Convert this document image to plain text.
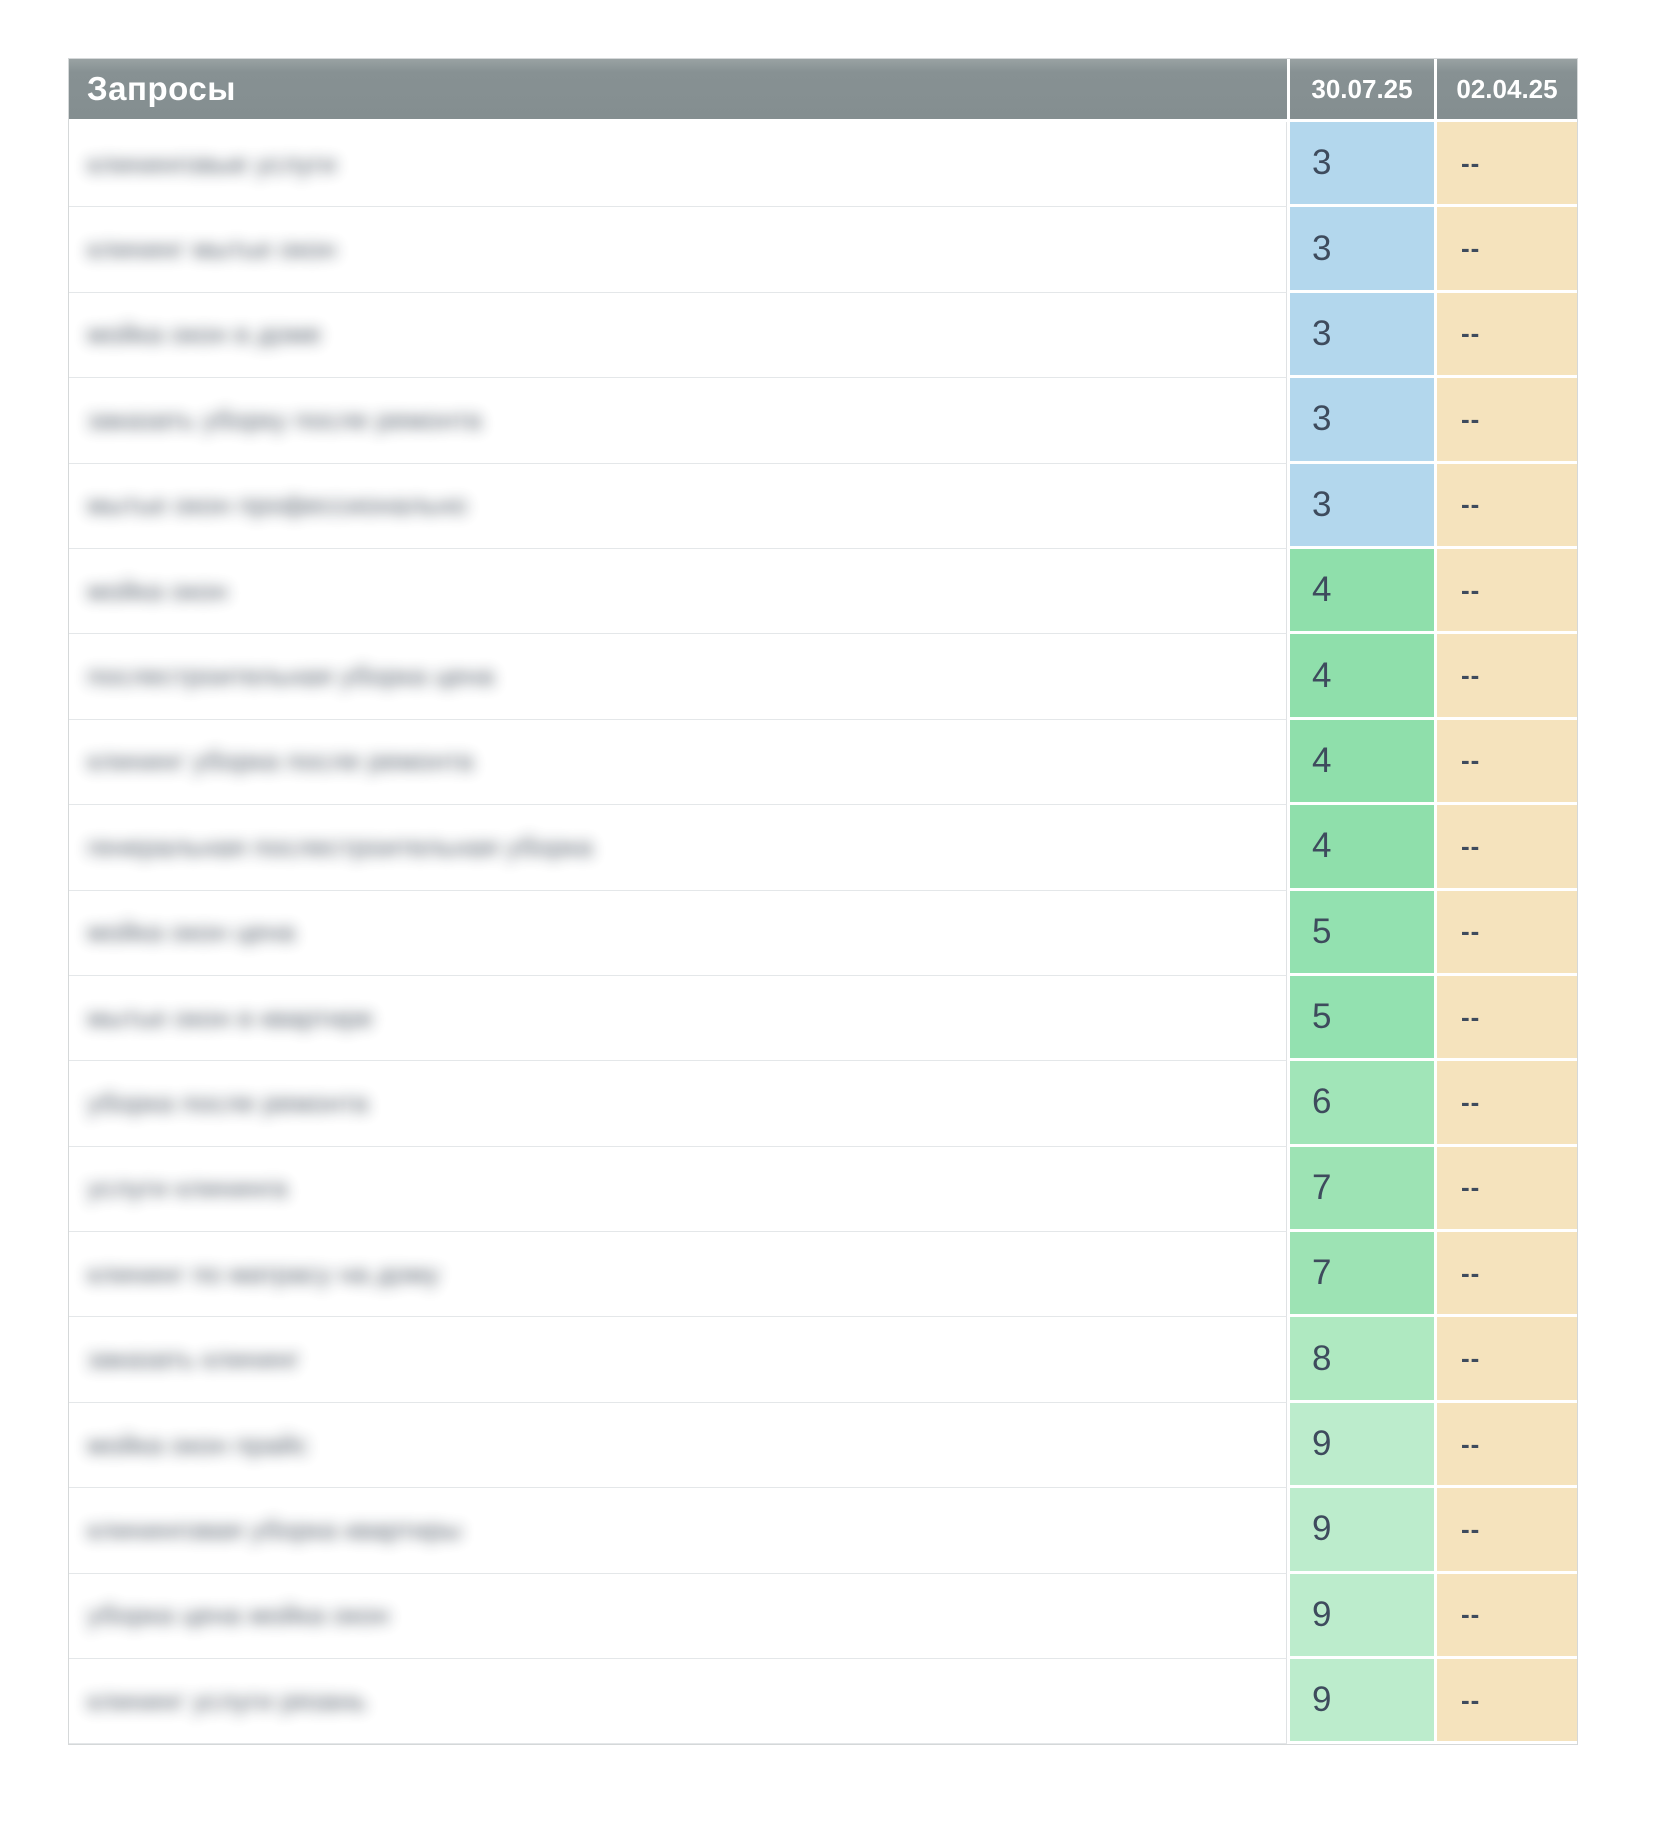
Запросы	30.07.25	02.04.25
клининговые услуги	3	--
клининг мытье окон	3	--
мойка окон в доме	3	--
заказать уборку после ремонта	3	--
мытье окон профессионально	3	--
мойка окон	4	--
послестроительная уборка цена	4	--
клининг уборка после ремонта	4	--
генеральная послестроительная уборка	4	--
мойка окон цена	5	--
мытье окон в квартире	5	--
уборка после ремонта	6	--
услуги клининга	7	--
клининг по матрасу на дому	7	--
заказать клининг	8	--
мойка окон прайс	9	--
клининговая уборка квартиры	9	--
уборка цена мойка окон	9	--
клининг услуги рязань	9	--
